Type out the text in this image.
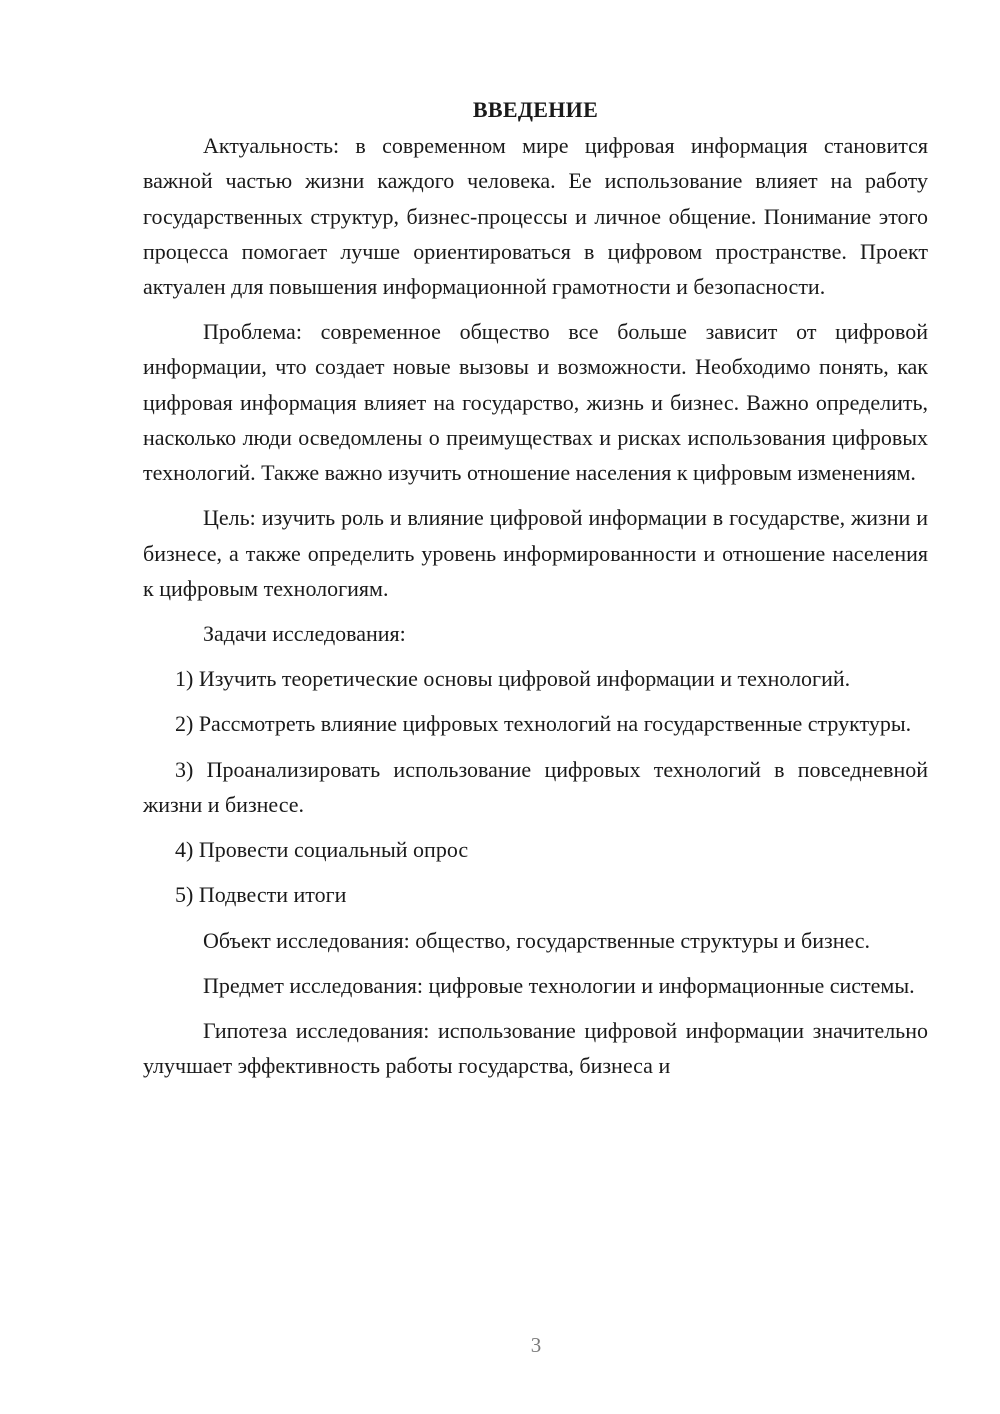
ВВЕДЕНИЕ

Актуальность: в современном мире цифровая информация становится важной частью жизни каждого человека. Ее использование влияет на работу государственных структур, бизнес-процессы и личное общение. Понимание этого процесса помогает лучше ориентироваться в цифровом пространстве. Проект актуален для повышения информационной грамотности и безопасности.

Проблема: современное общество все больше зависит от цифровой информации, что создает новые вызовы и возможности. Необходимо понять, как цифровая информация влияет на государство, жизнь и бизнес. Важно определить, насколько люди осведомлены о преимуществах и рисках использования цифровых технологий. Также важно изучить отношение населения к цифровым изменениям.

Цель: изучить роль и влияние цифровой информации в государстве, жизни и бизнесе, а также определить уровень информированности и отношение населения к цифровым технологиям.

Задачи исследования:

1) Изучить теоретические основы цифровой информации и технологий.

2) Рассмотреть влияние цифровых технологий на государственные структуры.

3) Проанализировать использование цифровых технологий в повседневной жизни и бизнесе.

4) Провести социальный опрос

5) Подвести итоги

Объект исследования: общество, государственные структуры и бизнес.

Предмет исследования: цифровые технологии и информационные системы.

Гипотеза исследования: использование цифровой информации значительно улучшает эффективность работы государства, бизнеса и

3
